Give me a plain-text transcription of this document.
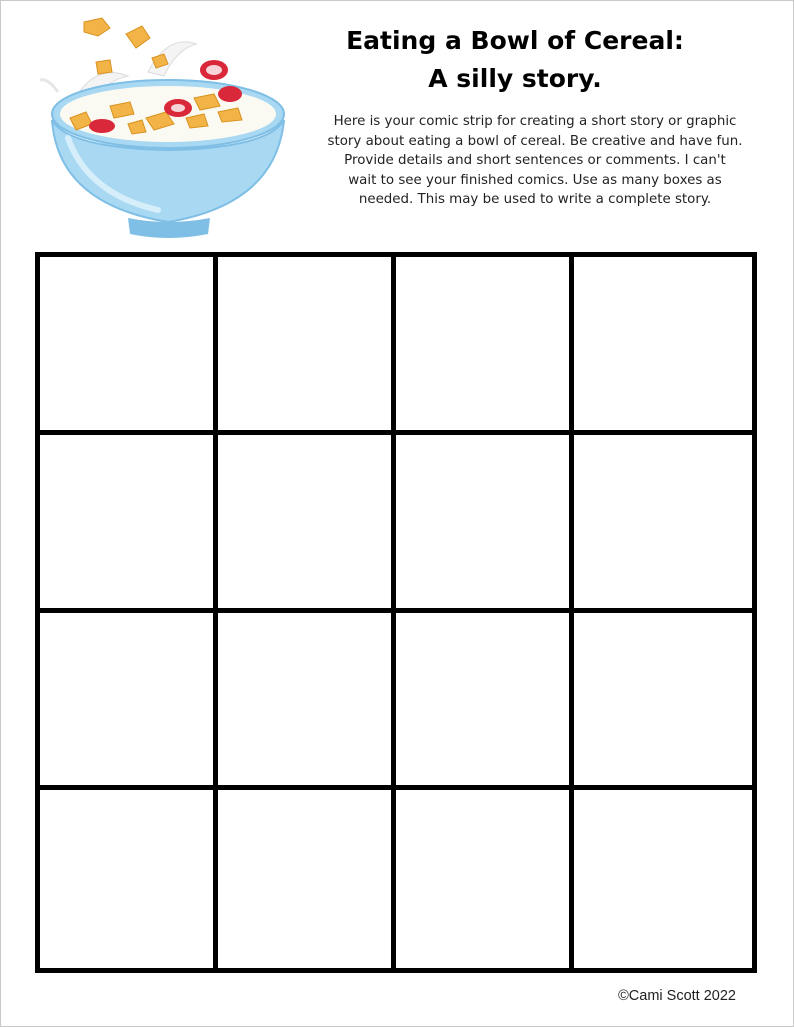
Eating a Bowl of Cereal:
A silly story.
Here is your comic strip for creating a short story or graphic
story about eating a bowl of cereal. Be creative and have fun.
Provide details and short sentences or comments. I can't
wait to see your finished comics. Use as many boxes as
needed. This may be used to write a complete story.
©Cami Scott 2022
